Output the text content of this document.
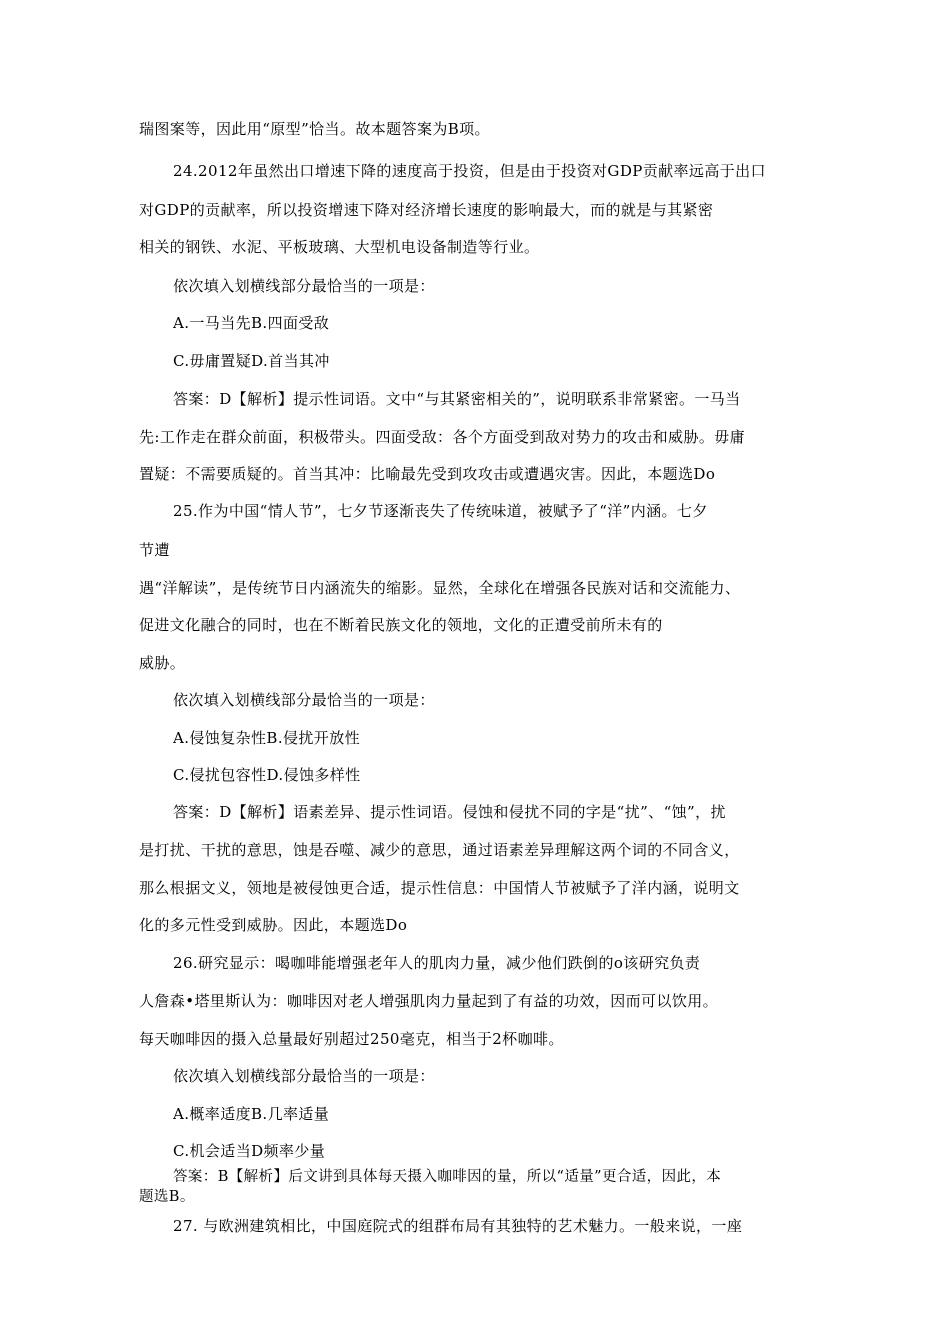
瑞图案等，因此用“原型”恰当。故本题答案为B项。
24.2012年虽然出口增速下降的速度高于投资，但是由于投资对GDP贡献率远高于出口
对GDP的贡献率，所以投资增速下降对经济增长速度的影响最大，而的就是与其紧密
相关的钢铁、水泥、平板玻璃、大型机电设备制造等行业。
依次填入划横线部分最恰当的一项是：
A.一马当先B.四面受敌
C.毋庸置疑D.首当其冲
答案：D【解析】提示性词语。文中“与其紧密相关的”，说明联系非常紧密。一马当
先:工作走在群众前面，积极带头。四面受敌：各个方面受到敌对势力的攻击和威胁。毋庸
置疑：不需要质疑的。首当其冲：比喻最先受到攻攻击或遭遇灾害。因此，本题选Do
25.作为中国“情人节”，七夕节逐渐丧失了传统味道，被赋予了“洋”内涵。七夕
节遭
遇“洋解读”，是传统节日内涵流失的缩影。显然，全球化在增强各民族对话和交流能力、
促进文化融合的同时，也在不断着民族文化的领地，文化的正遭受前所未有的
威胁。
依次填入划横线部分最恰当的一项是：
A.侵蚀复杂性B.侵扰开放性
C.侵扰包容性D.侵蚀多样性
答案：D【解析】语素差异、提示性词语。侵蚀和侵扰不同的字是“扰”、“蚀”，扰
是打扰、干扰的意思，蚀是吞噬、减少的意思，通过语素差异理解这两个词的不同含义，
那么根据文义，领地是被侵蚀更合适，提示性信息：中国情人节被赋予了洋内涵，说明文
化的多元性受到威胁。因此，本题选Do
26.研究显示：喝咖啡能增强老年人的肌肉力量，减少他们跌倒的o该研究负责
人詹森•塔里斯认为：咖啡因对老人增强肌肉力量起到了有益的功效，因而可以饮用。
每天咖啡因的摄入总量最好别超过250毫克，相当于2杯咖啡。
依次填入划横线部分最恰当的一项是：
A.概率适度B.几率适量
C.机会适当D频率少量
答案：B【解析】后文讲到具体每天摄入咖啡因的量，所以“适量”更合适，因此，本
题选B。
27. 与欧洲建筑相比，中国庭院式的组群布局有其独特的艺术魅力。一般来说，一座
